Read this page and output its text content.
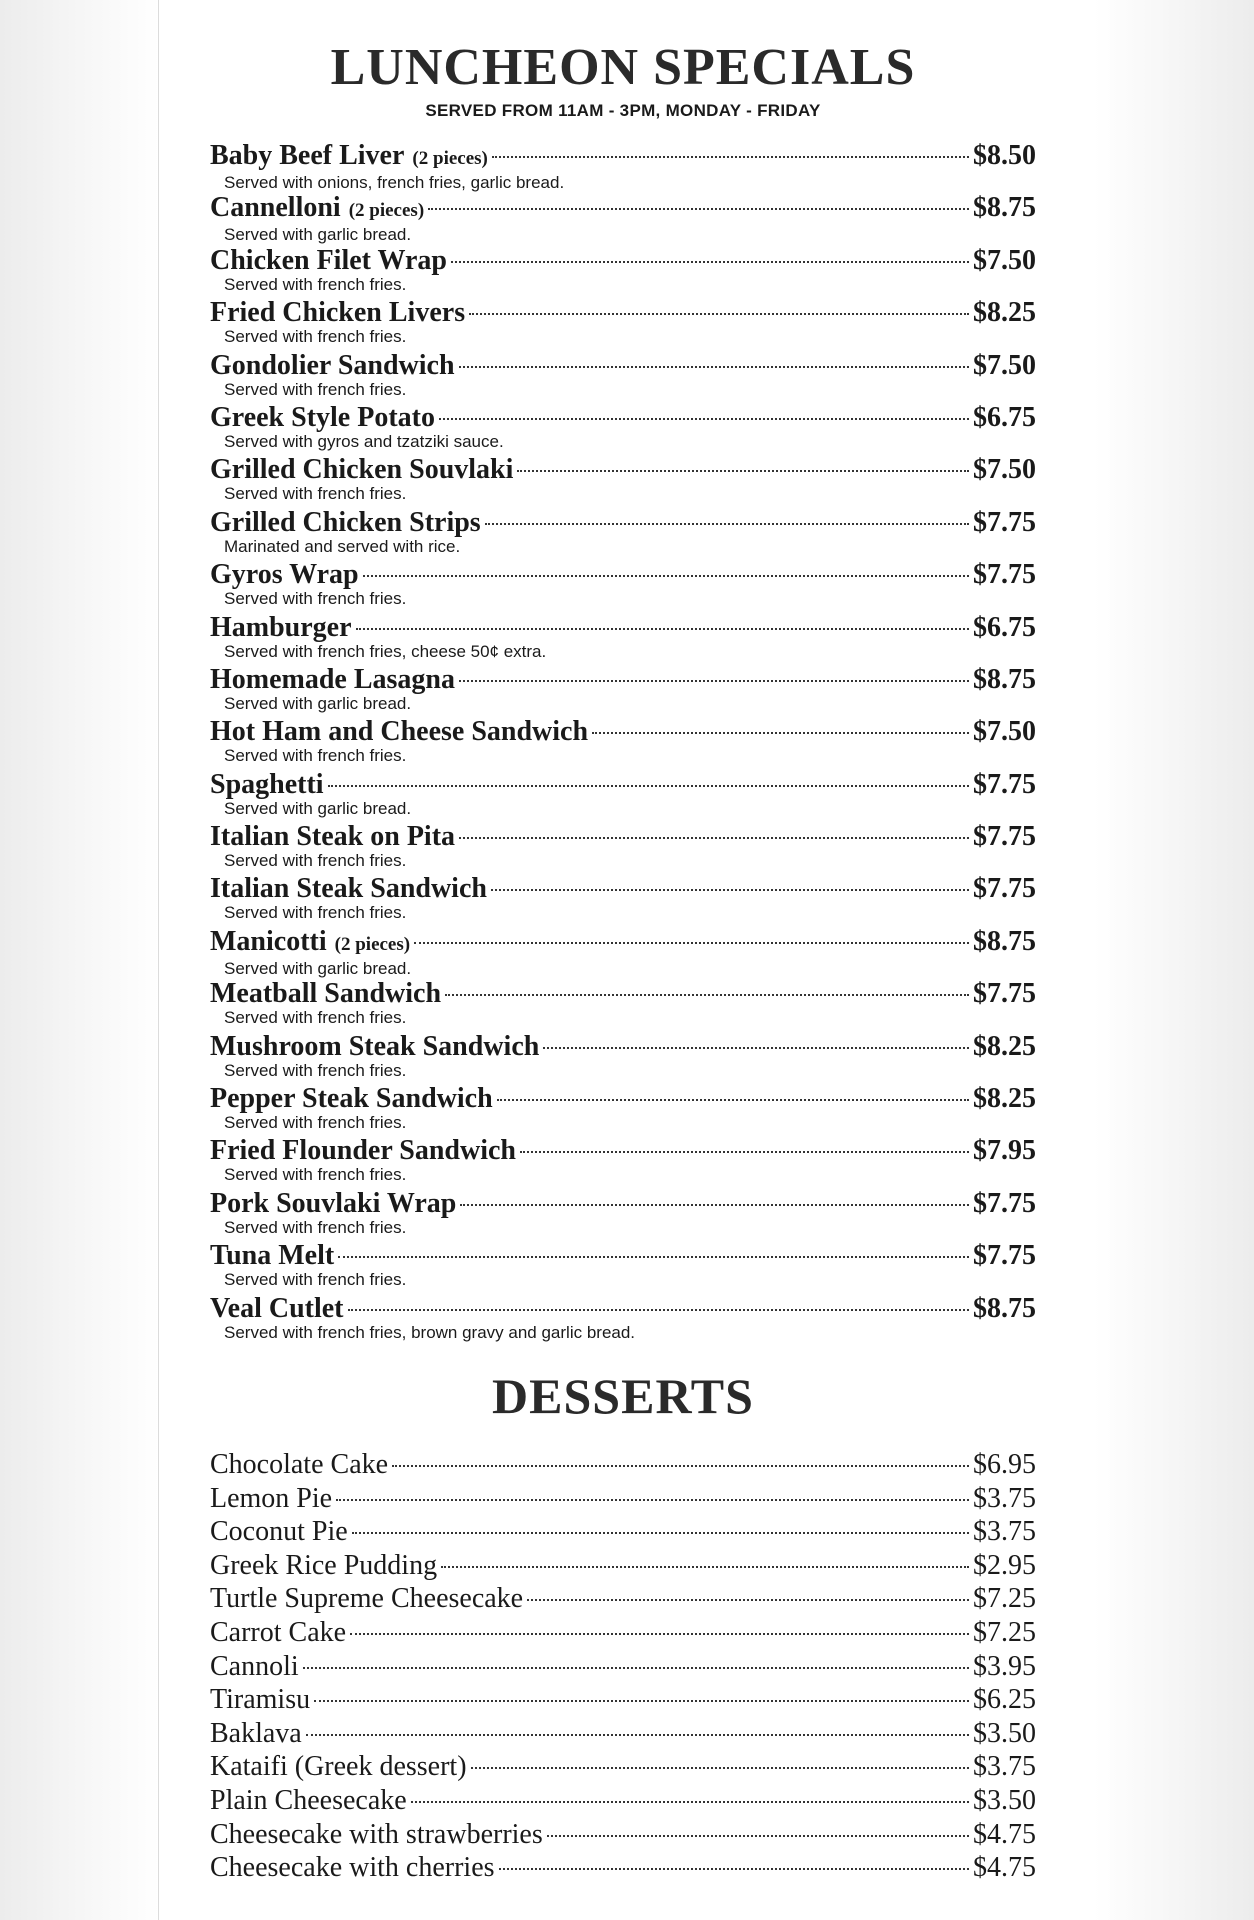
LUNCHEON SPECIALS
SERVED FROM 11AM - 3PM, MONDAY - FRIDAY
Baby Beef Liver (2 pieces)	$8.50
Served with onions, french fries, garlic bread.
Cannelloni (2 pieces)	$8.75
Served with garlic bread.
Chicken Filet Wrap	$7.50
Served with french fries.
Fried Chicken Livers	$8.25
Served with french fries.
Gondolier Sandwich	$7.50
Served with french fries.
Greek Style Potato	$6.75
Served with gyros and tzatziki sauce.
Grilled Chicken Souvlaki	$7.50
Served with french fries.
Grilled Chicken Strips	$7.75
Marinated and served with rice.
Gyros Wrap	$7.75
Served with french fries.
Hamburger	$6.75
Served with french fries, cheese 50¢ extra.
Homemade Lasagna	$8.75
Served with garlic bread.
Hot Ham and Cheese Sandwich	$7.50
Served with french fries.
Spaghetti	$7.75
Served with garlic bread.
Italian Steak on Pita	$7.75
Served with french fries.
Italian Steak Sandwich	$7.75
Served with french fries.
Manicotti (2 pieces)	$8.75
Served with garlic bread.
Meatball Sandwich	$7.75
Served with french fries.
Mushroom Steak Sandwich	$8.25
Served with french fries.
Pepper Steak Sandwich	$8.25
Served with french fries.
Fried Flounder Sandwich	$7.95
Served with french fries.
Pork Souvlaki Wrap	$7.75
Served with french fries.
Tuna Melt	$7.75
Served with french fries.
Veal Cutlet	$8.75
Served with french fries, brown gravy and garlic bread.
DESSERTS
Chocolate Cake	$6.95
Lemon Pie	$3.75
Coconut Pie	$3.75
Greek Rice Pudding	$2.95
Turtle Supreme Cheesecake	$7.25
Carrot Cake	$7.25
Cannoli	$3.95
Tiramisu	$6.25
Baklava	$3.50
Kataifi (Greek dessert)	$3.75
Plain Cheesecake	$3.50
Cheesecake with strawberries	$4.75
Cheesecake with cherries	$4.75
